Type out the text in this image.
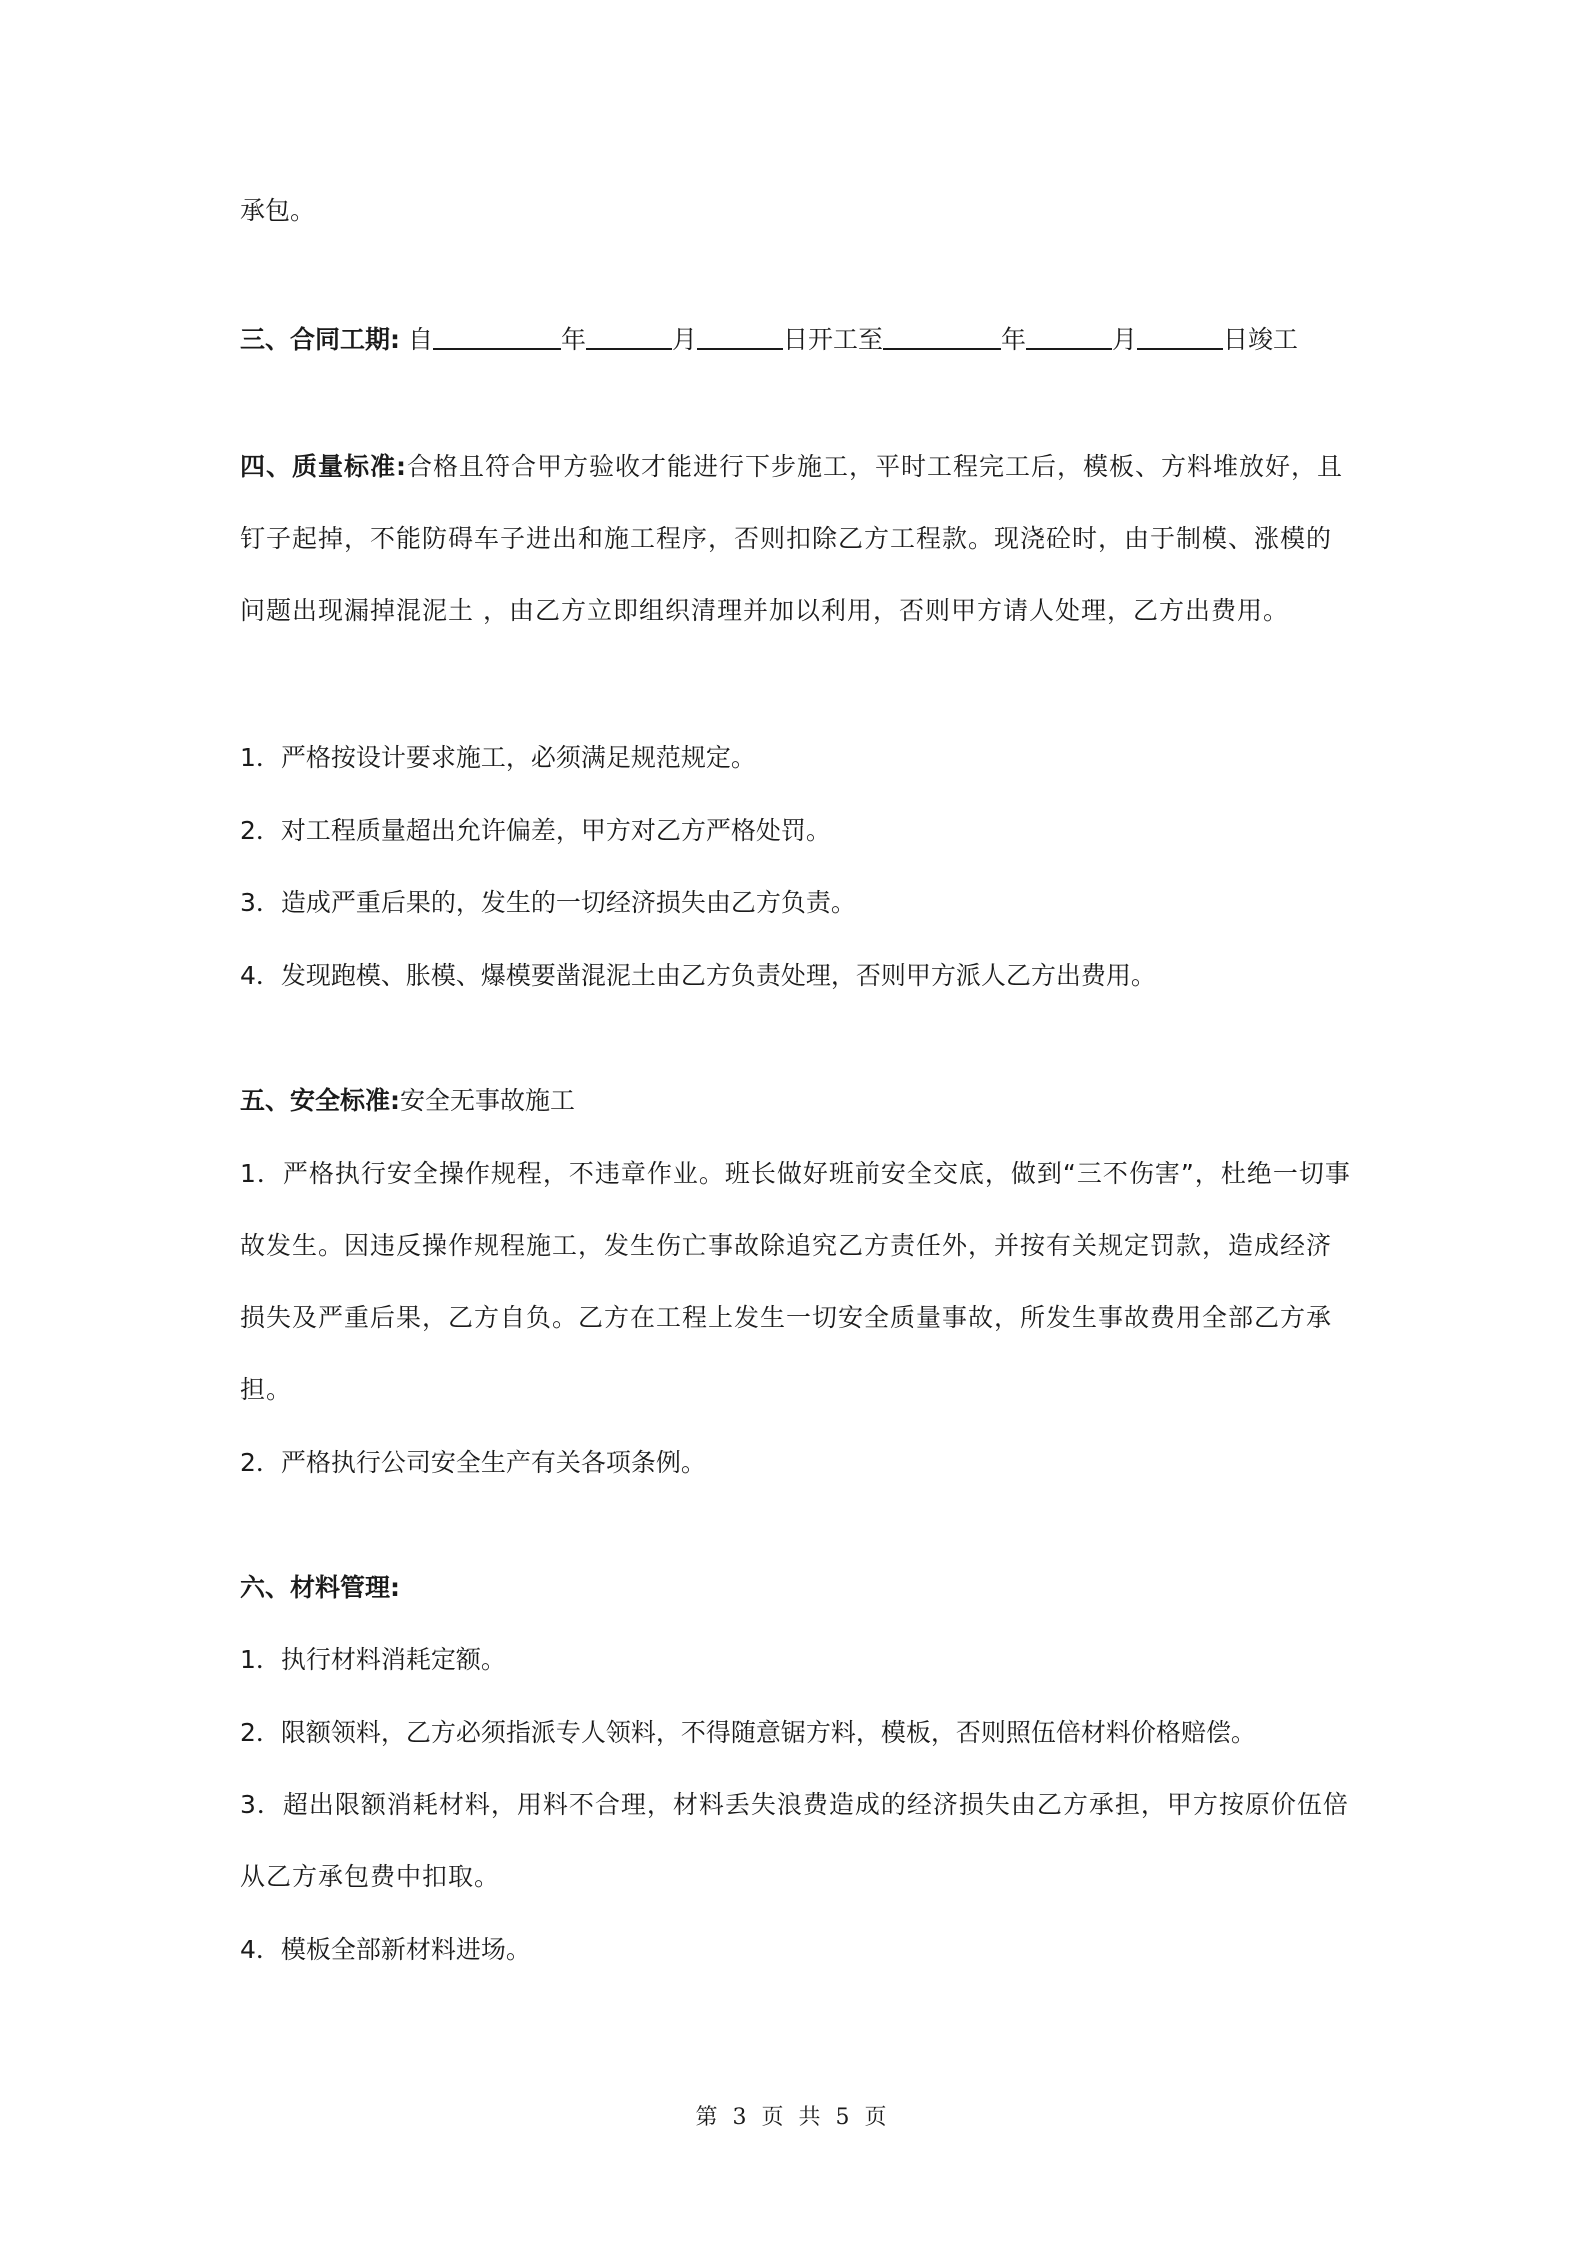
承包。
三、合同工期: 自	年	月	日开工至	年	月	日竣工
四、质量标准:合格且符合甲方验收才能进行下步施工，平时工程完工后，模板、方料堆放好，且钉子起掉，不能防碍车子进出和施工程序，否则扣除乙方工程款。现浇砼时，由于制模、涨模的问题出现漏掉混泥土 ，由乙方立即组织清理并加以利用，否则甲方请人处理，乙方出费用。
1．严格按设计要求施工，必须满足规范规定。
2．对工程质量超出允许偏差，甲方对乙方严格处罚。
3．造成严重后果的，发生的一切经济损失由乙方负责。
4．发现跑模、胀模、爆模要凿混泥土由乙方负责处理，否则甲方派人乙方出费用。
五、安全标准:安全无事故施工
1．严格执行安全操作规程，不违章作业。班长做好班前安全交底，做到“三不伤害”，杜绝一切事故发生。因违反操作规程施工，发生伤亡事故除追究乙方责任外，并按有关规定罚款，造成经济损失及严重后果，乙方自负。乙方在工程上发生一切安全质量事故，所发生事故费用全部乙方承担。
2．严格执行公司安全生产有关各项条例。
六、材料管理:
1．执行材料消耗定额。
2．限额领料，乙方必须指派专人领料，不得随意锯方料，模板，否则照伍倍材料价格赔偿。
3．超出限额消耗材料，用料不合理，材料丢失浪费造成的经济损失由乙方承担，甲方按原价伍倍从乙方承包费中扣取。
4．模板全部新材料进场。
第 3 页 共 5 页
